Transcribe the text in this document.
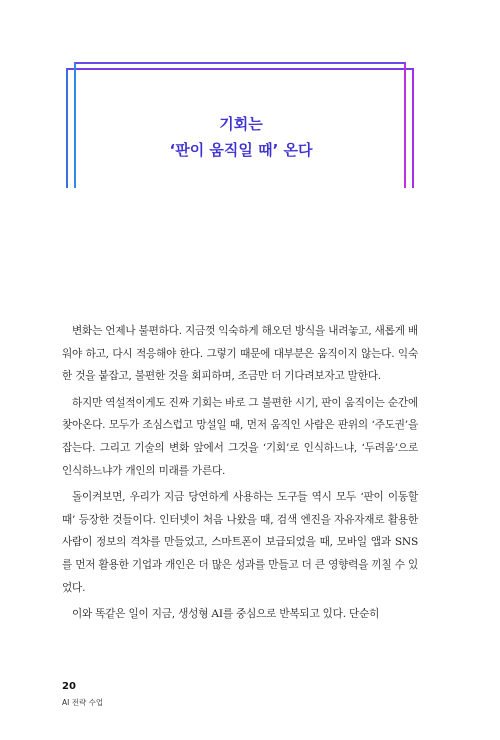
기회는
‘판이 움직일 때’ 온다

변화는 언제나 불편하다. 지금껏 익숙하게 해오던 방식을 내려놓고, 새롭게 배워야 하고, 다시 적응해야 한다. 그렇기 때문에 대부분은 움직이지 않는다. 익숙한 것을 붙잡고, 불편한 것을 회피하며, 조금만 더 기다려보자고 말한다.

하지만 역설적이게도 진짜 기회는 바로 그 불편한 시기, 판이 움직이는 순간에 찾아온다. 모두가 조심스럽고 망설일 때, 먼저 움직인 사람은 판위의 ‘주도권’을 잡는다. 그리고 기술의 변화 앞에서 그것을 ‘기회’로 인식하느냐, ‘두려움’으로 인식하느냐가 개인의 미래를 가른다.

돌이켜보면, 우리가 지금 당연하게 사용하는 도구들 역시 모두 ‘판이 이동할 때’ 등장한 것들이다. 인터넷이 처음 나왔을 때, 검색 엔진을 자유자재로 활용한 사람이 정보의 격차를 만들었고, 스마트폰이 보급되었을 때, 모바일 앱과 SNS를 먼저 활용한 기업과 개인은 더 많은 성과를 만들고 더 큰 영향력을 끼칠 수 있었다.

이와 똑같은 일이 지금, 생성형 AI를 중심으로 반복되고 있다. 단순히

20
AI 전략 수업
